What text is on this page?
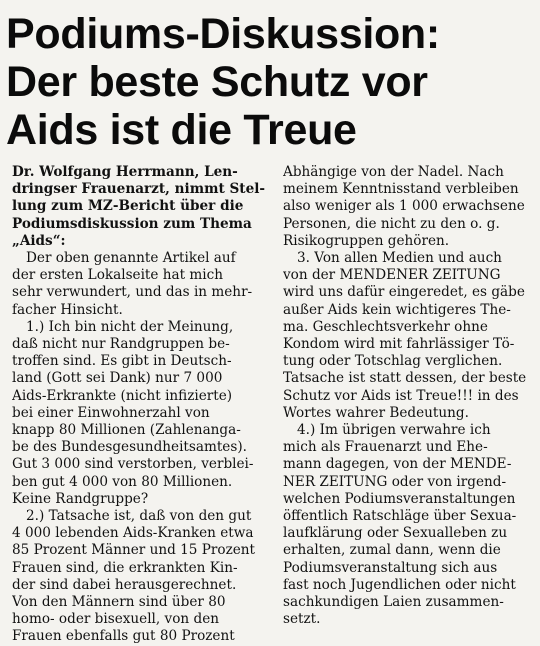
Podiums-Diskussion:
Der beste Schutz vor
Aids ist die Treue

Dr. Wolfgang Herrmann, Len-
dringser Frauenarzt, nimmt Stel-
lung zum MZ-Bericht über die
Podiumsdiskussion zum Thema
„Aids“:

Der oben genannte Artikel auf
der ersten Lokalseite hat mich
sehr verwundert, und das in mehr-
facher Hinsicht.
1.) Ich bin nicht der Meinung,
daß nicht nur Randgruppen be-
troffen sind. Es gibt in Deutsch-
land (Gott sei Dank) nur 7 000
Aids-Erkrankte (nicht infizierte)
bei einer Einwohnerzahl von
knapp 80 Millionen (Zahlenanga-
be des Bundesgesundheitsamtes).
Gut 3 000 sind verstorben, verblei-
ben gut 4 000 von 80 Millionen.
Keine Randgruppe?
2.) Tatsache ist, daß von den gut
4 000 lebenden Aids-Kranken etwa
85 Prozent Männer und 15 Prozent
Frauen sind, die erkrankten Kin-
der sind dabei herausgerechnet.
Von den Männern sind über 80
homo- oder bisexuell, von den
Frauen ebenfalls gut 80 Prozent

Abhängige von der Nadel. Nach
meinem Kenntnisstand verbleiben
also weniger als 1 000 erwachsene
Personen, die nicht zu den o. g.
Risikogruppen gehören.
3. Von allen Medien und auch
von der MENDENER ZEITUNG
wird uns dafür eingeredet, es gäbe
außer Aids kein wichtigeres The-
ma. Geschlechtsverkehr ohne
Kondom wird mit fahrlässiger Tö-
tung oder Totschlag verglichen.
Tatsache ist statt dessen, der beste
Schutz vor Aids ist Treue!!! in des
Wortes wahrer Bedeutung.
4.) Im übrigen verwahre ich
mich als Frauenarzt und Ehe-
mann dagegen, von der MENDE-
NER ZEITUNG oder von irgend-
welchen Podiumsveranstaltungen
öffentlich Ratschläge über Sexua-
laufklärung oder Sexualleben zu
erhalten, zumal dann, wenn die
Podiumsveranstaltung sich aus
fast noch Jugendlichen oder nicht
sachkundigen Laien zusammen-
setzt.
